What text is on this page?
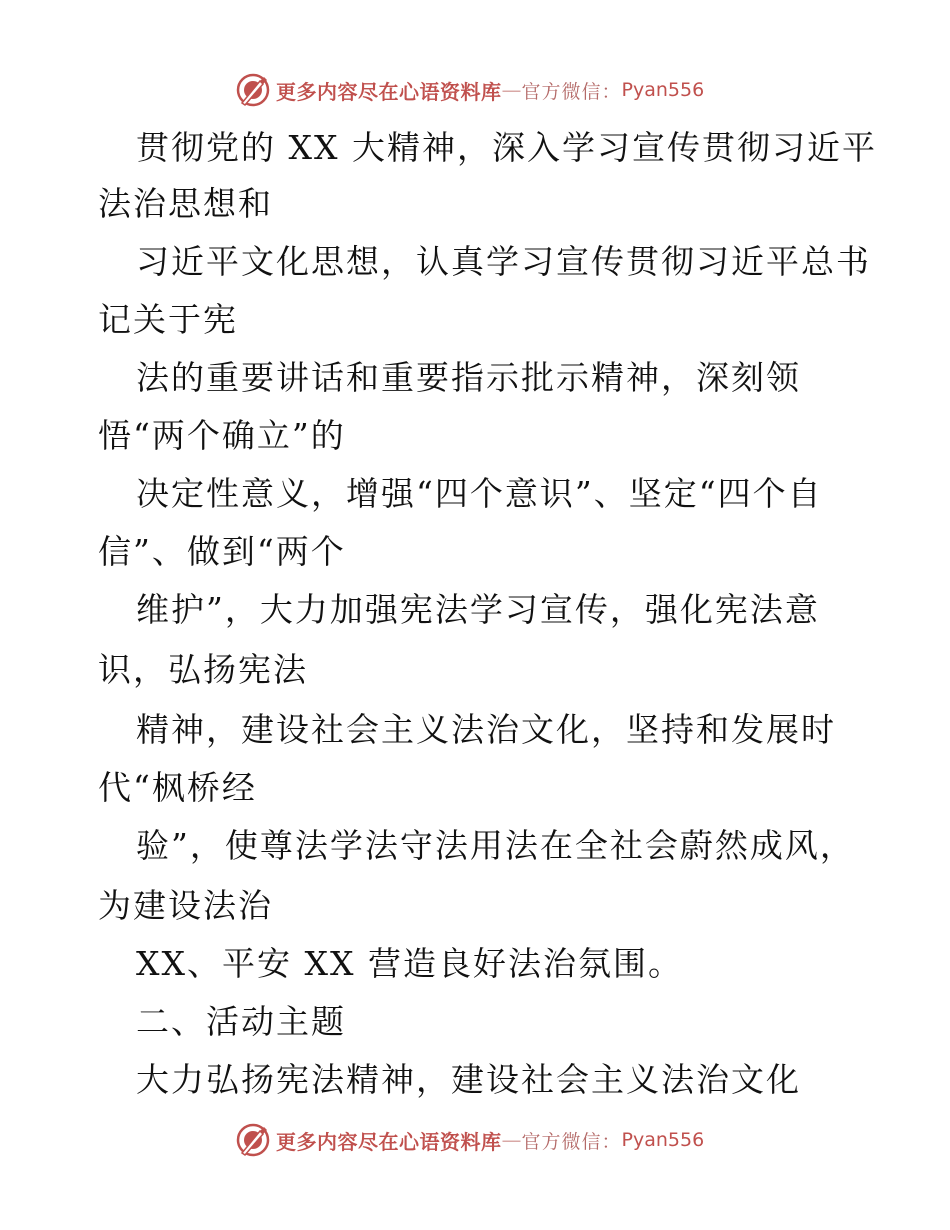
更多内容尽在心语资料库 — 官方微信： Pyan556
贯彻党的 XX 大精神，深入学习宣传贯彻习近平
法治思想和
习近平文化思想，认真学习宣传贯彻习近平总书
记关于宪
法的重要讲话和重要指示批示精神，深刻领
悟“两个确立”的
决定性意义，增强“四个意识”、坚定“四个自
信”、做到“两个
维护”，大力加强宪法学习宣传，强化宪法意
识，弘扬宪法
精神，建设社会主义法治文化，坚持和发展时
代“枫桥经
验”，使尊法学法守法用法在全社会蔚然成风，
为建设法治
XX、平安 XX 营造良好法治氛围。
二、活动主题
大力弘扬宪法精神，建设社会主义法治文化
更多内容尽在心语资料库 — 官方微信： Pyan556
